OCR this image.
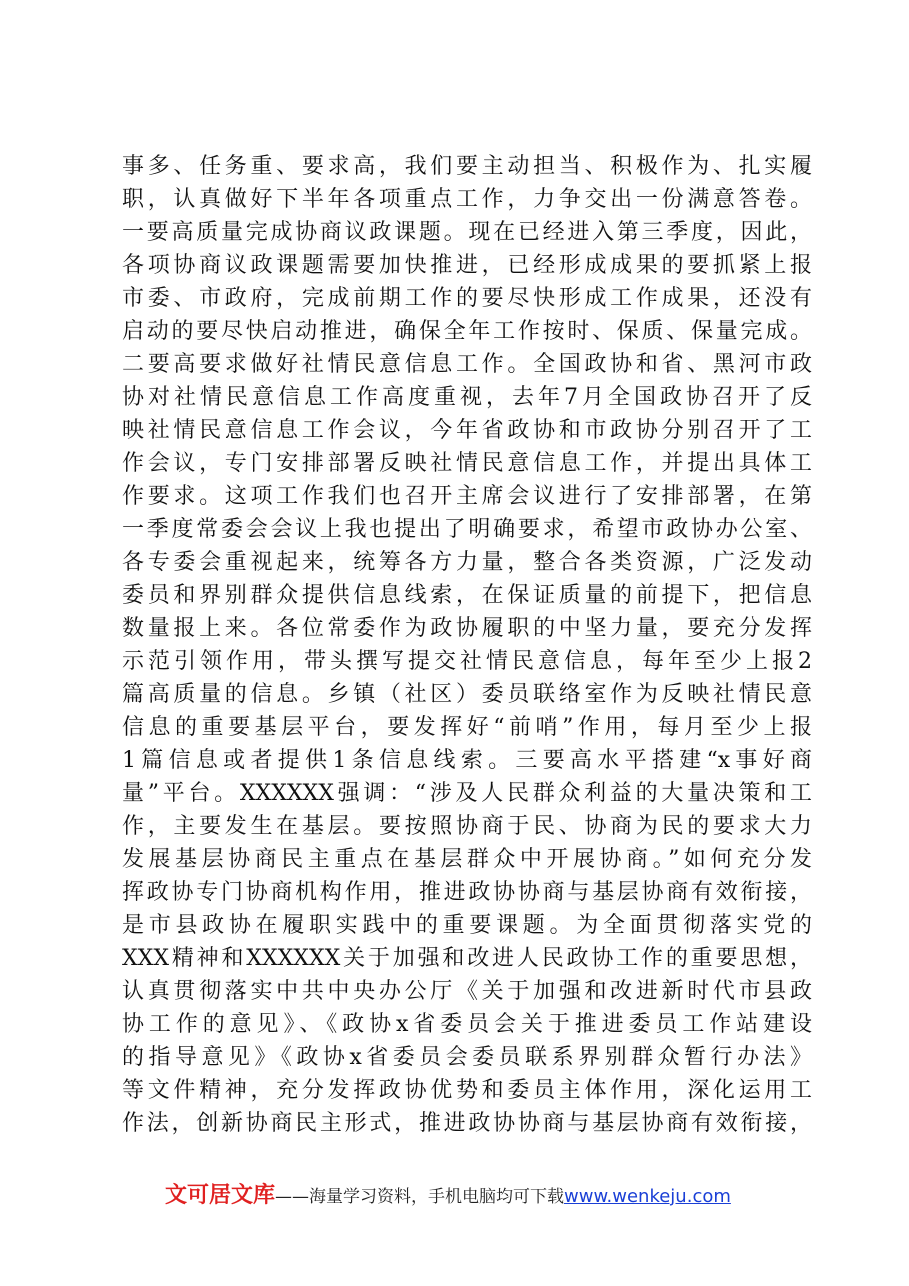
事多、任务重、要求高，我们要主动担当、积极作为、扎实履
职，认真做好下半年各项重点工作，力争交出一份满意答卷。
一要高质量完成协商议政课题。现在已经进入第三季度，因此，
各项协商议政课题需要加快推进，已经形成成果的要抓紧上报
市委、市政府，完成前期工作的要尽快形成工作成果，还没有
启动的要尽快启动推进，确保全年工作按时、保质、保量完成。
二要高要求做好社情民意信息工作。全国政协和省、黑河市政
协对社情民意信息工作高度重视，去年7月全国政协召开了反
映社情民意信息工作会议，今年省政协和市政协分别召开了工
作会议，专门安排部署反映社情民意信息工作，并提出具体工
作要求。这项工作我们也召开主席会议进行了安排部署，在第
一季度常委会会议上我也提出了明确要求，希望市政协办公室、
各专委会重视起来，统筹各方力量，整合各类资源，广泛发动
委员和界别群众提供信息线索，在保证质量的前提下，把信息
数量报上来。各位常委作为政协履职的中坚力量，要充分发挥
示范引领作用，带头撰写提交社情民意信息，每年至少上报2
篇高质量的信息。乡镇（社区）委员联络室作为反映社情民意
信息的重要基层平台，要发挥好“前哨”作用，每月至少上报
1篇信息或者提供1条信息线索。三要高水平搭建“x事好商
量”平台。XXXXXX强调：“涉及人民群众利益的大量决策和工
作，主要发生在基层。要按照协商于民、协商为民的要求大力
发展基层协商民主重点在基层群众中开展协商。”如何充分发
挥政协专门协商机构作用，推进政协协商与基层协商有效衔接，
是市县政协在履职实践中的重要课题。为全面贯彻落实党的
XXX精神和XXXXXX关于加强和改进人民政协工作的重要思想，
认真贯彻落实中共中央办公厅《关于加强和改进新时代市县政
协工作的意见》、《政协x省委员会关于推进委员工作站建设
的指导意见》《政协x省委员会委员联系界别群众暂行办法》
等文件精神，充分发挥政协优势和委员主体作用，深化运用工
作法，创新协商民主形式，推进政协协商与基层协商有效衔接，
文可居文库——海量学习资料，手机电脑均可下载www.wenkeju.com
